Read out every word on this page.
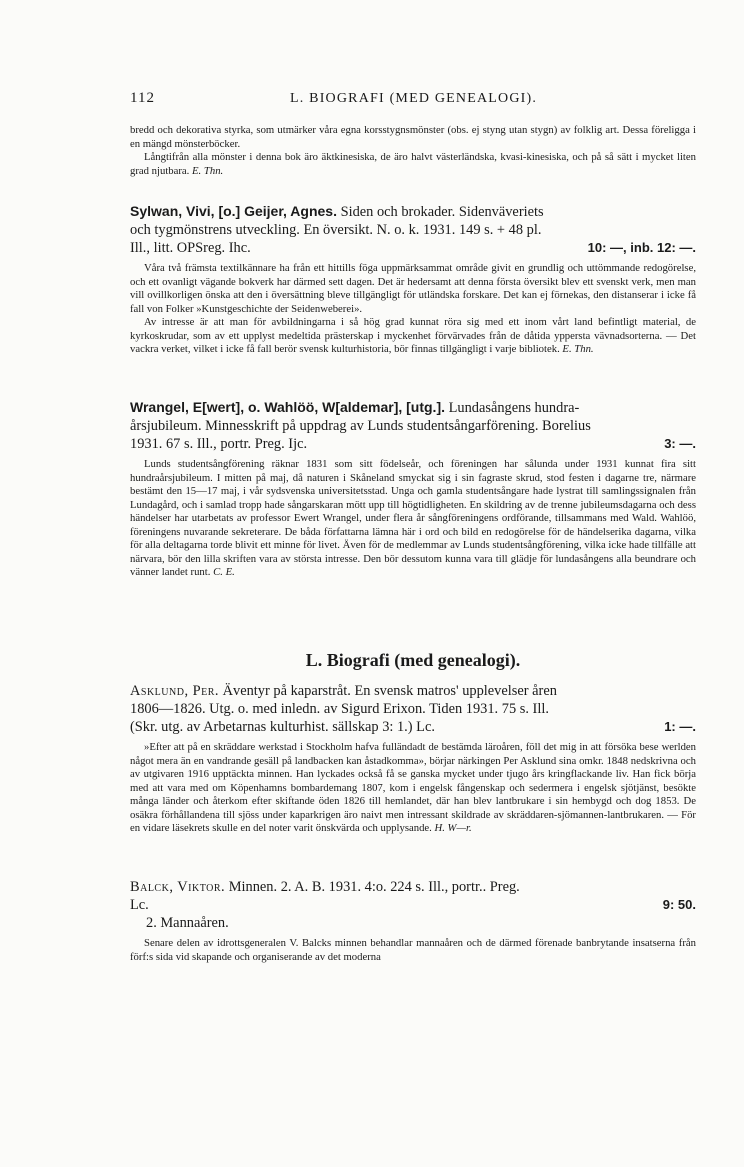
112	L. BIOGRAFI (MED GENEALOGI).

bredd och dekorativa styrka, som utmärker våra egna korsstygnsmönster (obs. ej styng utan stygn) av folklig art. Dessa föreligga i en mängd mönsterböcker.

Långtifrån alla mönster i denna bok äro äktkinesiska, de äro halvt västerländska, kvasi-kinesiska, och på så sätt i mycket liten grad njutbara. E. Thn.

Sylwan, Vivi, [o.] Geijer, Agnes. Siden och brokader. Sidenväveriets
och tygmönstrens utveckling. En översikt. N. o. k. 1931. 149 s. + 48 pl.
Ill., litt. OPSreg. Ihc.	10: —, inb. 12: —.

Våra två främsta textilkännare ha från ett hittills föga uppmärksammat område givit en grundlig och uttömmande redogörelse, och ett ovanligt vägande bokverk har därmed sett dagen. Det är hedersamt att denna första översikt blev ett svenskt verk, men man vill ovillkorligen önska att den i översättning bleve tillgängligt för utländska forskare. Det kan ej förnekas, den distanserar i icke få fall von Folker »Kunstgeschichte der Seidenweberei».

Av intresse är att man för avbildningarna i så hög grad kunnat röra sig med ett inom vårt land befintligt material, de kyrkoskrudar, som av ett upplyst medeltida prästerskap i myckenhet förvärvades från de dåtida yppersta vävnadsorterna. — Det vackra verket, vilket i icke få fall berör svensk kulturhistoria, bör finnas tillgängligt i varje bibliotek. E. Thn.

Wrangel, E[wert], o. Wahlöö, W[aldemar], [utg.]. Lundasångens hundra-
årsjubileum. Minnesskrift på uppdrag av Lunds studentsångarförening. Borelius
1931. 67 s. Ill., portr. Preg. Ijc.	3: —.

Lunds studentsångförening räknar 1831 som sitt födelseår, och föreningen har sålunda under 1931 kunnat fira sitt hundraårsjubileum. I mitten på maj, då naturen i Skåneland smyckat sig i sin fagraste skrud, stod festen i dagarne tre, närmare bestämt den 15—17 maj, i vår sydsvenska universitetsstad. Unga och gamla studentsångare hade lystrat till samlingssignalen från Lundagård, och i samlad tropp hade sångarskaran mött upp till högtidligheten. En skildring av de trenne jubileumsdagarna och dess händelser har utarbetats av professor Ewert Wrangel, under flera år sångföreningens ordförande, tillsammans med Wald. Wahlöö, föreningens nuvarande sekreterare. De båda författarna lämna här i ord och bild en redogörelse för de händelserika dagarna, vilka för alla deltagarna torde blivit ett minne för livet. Även för de medlemmar av Lunds studentsångförening, vilka icke hade tillfälle att närvara, bör den lilla skriften vara av största intresse. Den bör dessutom kunna vara till glädje för lundasångens alla beundrare och vänner landet runt. C. E.

L. Biografi (med genealogi).
Asklund, Per. Äventyr på kaparstråt. En svensk matros' upplevelser åren
1806—1826. Utg. o. med inledn. av Sigurd Erixon. Tiden 1931. 75 s. Ill.
(Skr. utg. av Arbetarnas kulturhist. sällskap 3: 1.) Lc.	1: —.

»Efter att på en skräddare werkstad i Stockholm hafva fulländadt de bestämda läroåren, föll det mig in att försöka bese werlden något mera än en vandrande gesäll på landbacken kan åstadkomma», börjar närkingen Per Asklund sina omkr. 1848 nedskrivna och av utgivaren 1916 upptäckta minnen. Han lyckades också få se ganska mycket under tjugo års kringflackande liv. Han fick börja med att vara med om Köpenhamns bombardemang 1807, kom i engelsk fångenskap och sedermera i engelsk sjötjänst, besökte många länder och återkom efter skiftande öden 1826 till hemlandet, där han blev lantbrukare i sin hembygd och dog 1853. De osäkra förhållandena till sjöss under kaparkrigen äro naivt men intressant skildrade av skräddaren-sjömannen-lantbrukaren. — För en vidare läsekrets skulle en del noter varit önskvärda och upplysande. H. W—r.

Balck, Viktor. Minnen. 2. A. B. 1931. 4:o. 224 s. Ill., portr.. Preg.
Lc.	9: 50.
2. Mannaåren.

Senare delen av idrottsgeneralen V. Balcks minnen behandlar mannaåren och de därmed förenade banbrytande insatserna från förf:s sida vid skapande och organiserande av det moderna
